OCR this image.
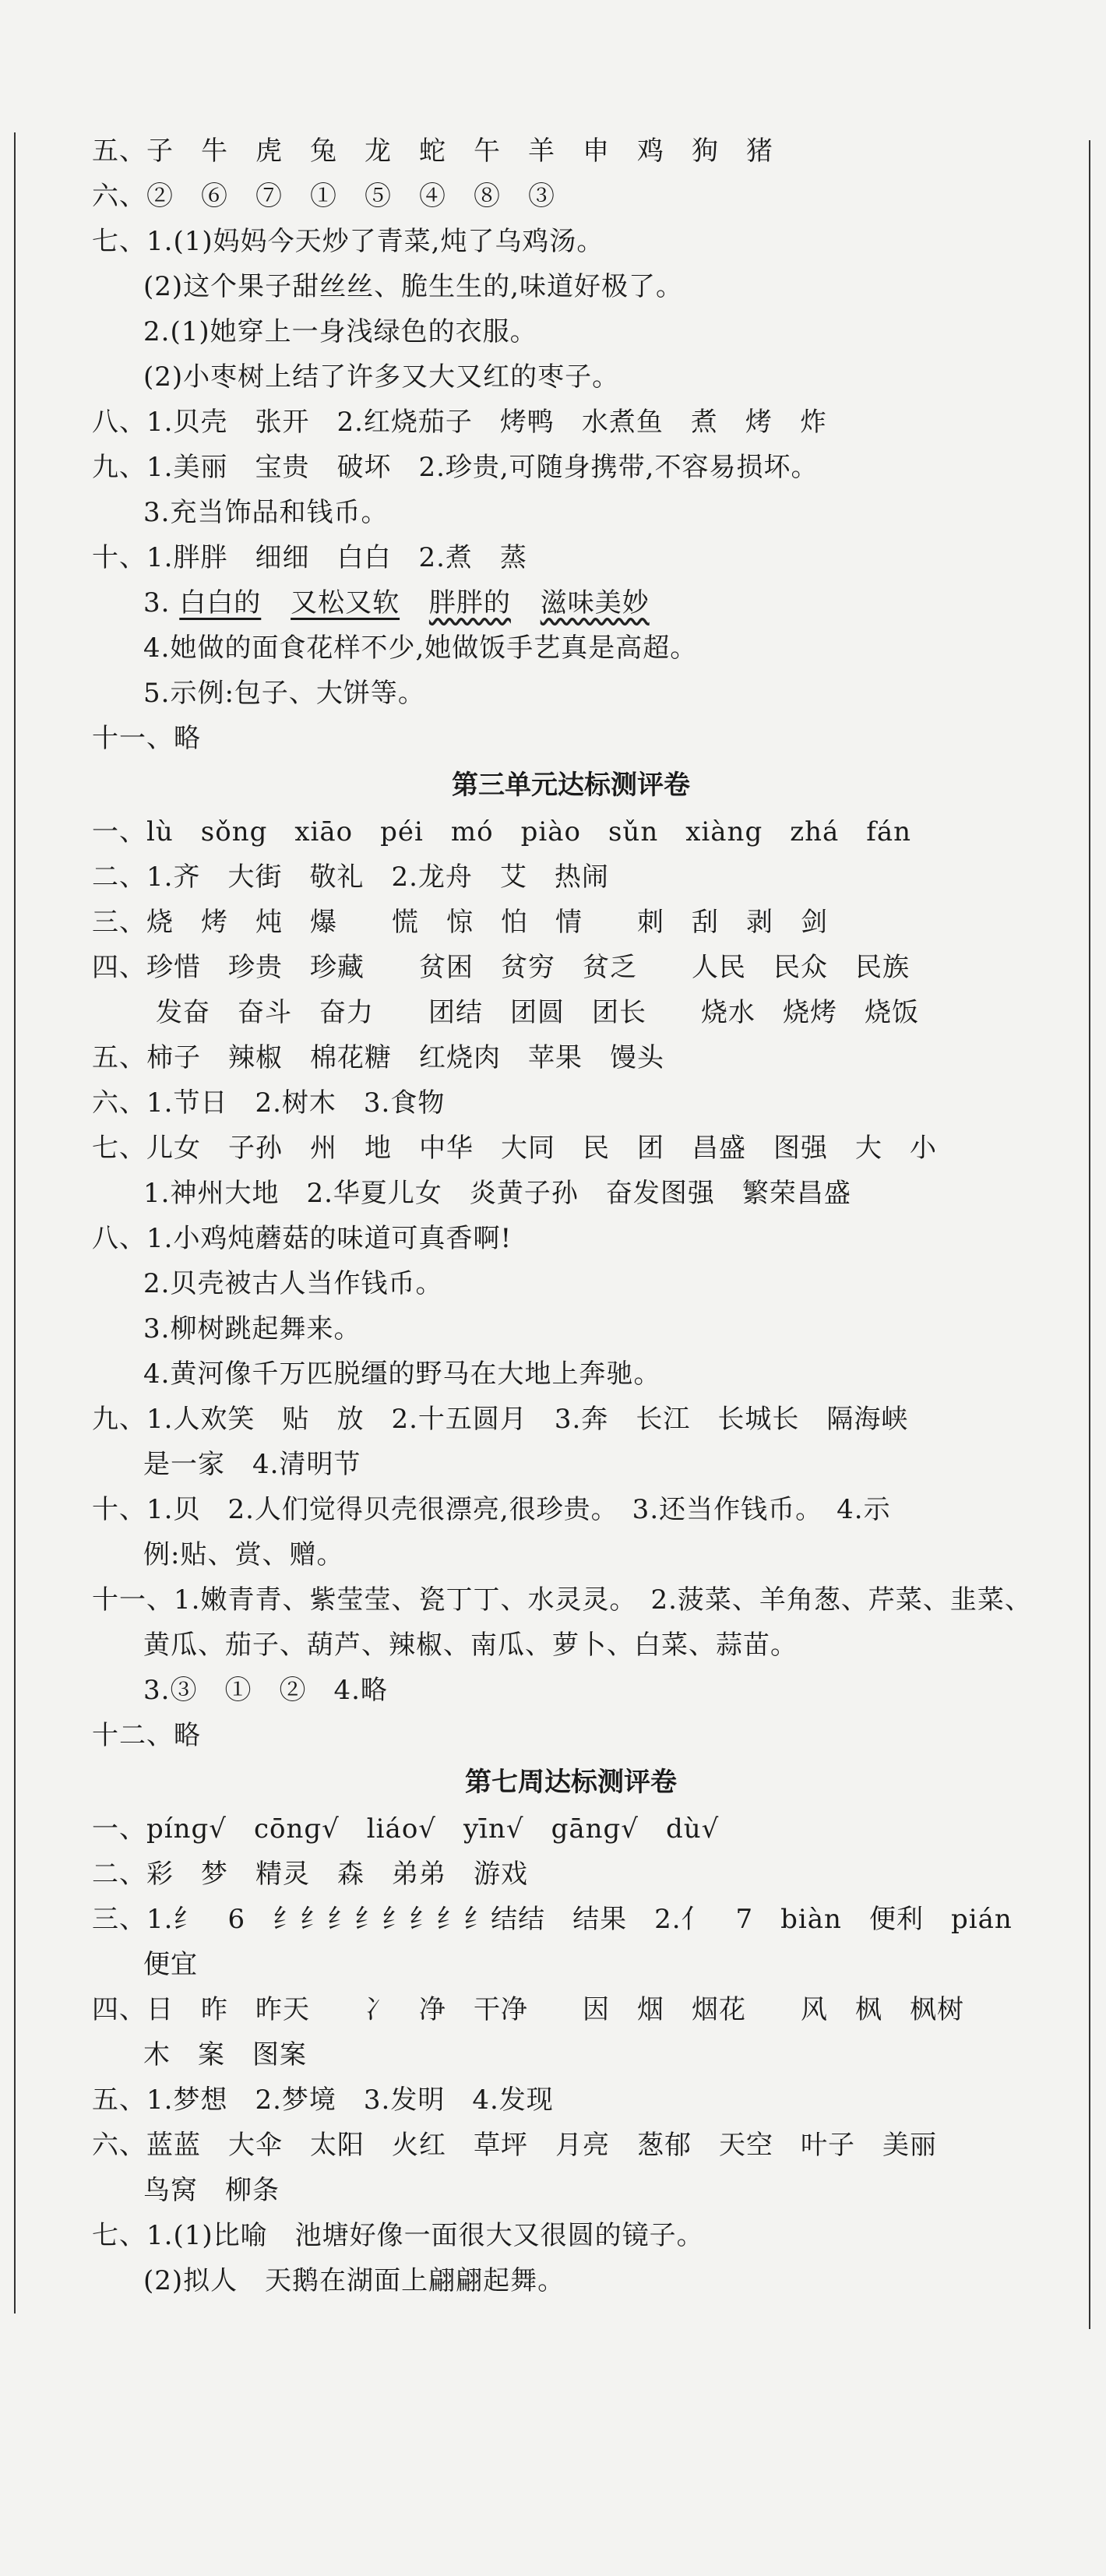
五、子　牛　虎　兔　龙　蛇　午　羊　申　鸡　狗　猪
六、②　⑥　⑦　①　⑤　④　⑧　③
七、1.(1)妈妈今天炒了青菜,炖了乌鸡汤。
(2)这个果子甜丝丝、脆生生的,味道好极了。
2.(1)她穿上一身浅绿色的衣服。
(2)小枣树上结了许多又大又红的枣子。
八、1.贝壳　张开　2.红烧茄子　烤鸭　水煮鱼　煮　烤　炸
九、1.美丽　宝贵　破坏　2.珍贵,可随身携带,不容易损坏。
3.充当饰品和钱币。
十、1.胖胖　细细　白白　2.煮　蒸
3. 白白的 又松又软 胖胖的 滋味美妙
4.她做的面食花样不少,她做饭手艺真是高超。
5.示例:包子、大饼等。
十一、略
第三单元达标测评卷
一、lù　sǒng　xiāo　péi　mó　piào　sǔn　xiàng　zhá　fán
二、1.齐　大街　敬礼　2.龙舟　艾　热闹
三、烧　烤　炖　爆　　慌　惊　怕　情　　刺　刮　剥　剑
四、珍惜　珍贵　珍藏　　贫困　贫穷　贫乏　　人民　民众　民族
发奋　奋斗　奋力　　团结　团圆　团长　　烧水　烧烤　烧饭
五、柿子　辣椒　棉花糖　红烧肉　苹果　馒头
六、1.节日　2.树木　3.食物
七、儿女　子孙　州　地　中华　大同　民　团　昌盛　图强　大　小
1.神州大地　2.华夏儿女　炎黄子孙　奋发图强　繁荣昌盛
八、1.小鸡炖蘑菇的味道可真香啊!
2.贝壳被古人当作钱币。
3.柳树跳起舞来。
4.黄河像千万匹脱缰的野马在大地上奔驰。
九、1.人欢笑　贴　放　2.十五圆月　3.奔　长江　长城长　隔海峡
是一家　4.清明节
十、1.贝　2.人们觉得贝壳很漂亮,很珍贵。　3.还当作钱币。　4.示
例:贴、赏、赠。
十一、1.嫩青青、紫莹莹、瓷丁丁、水灵灵。　2.菠菜、羊角葱、芹菜、韭菜、
黄瓜、茄子、葫芦、辣椒、南瓜、萝卜、白菜、蒜苗。
3.③　①　②　4.略
十二、略
第七周达标测评卷
一、pínɡ√　cōnɡ√　liáo√　yīn√　gānɡ√　dù√
二、彩　梦　精灵　森　弟弟　游戏
三、1.纟　6　纟纟纟纟纟纟纟纟结结　结果　2.亻　7　biàn　便利　pián
便宜
四、日　昨　昨天　　冫　净　干净　　因　烟　烟花　　风　枫　枫树
木　案　图案
五、1.梦想　2.梦境　3.发明　4.发现
六、蓝蓝　大伞　太阳　火红　草坪　月亮　葱郁　天空　叶子　美丽
鸟窝　柳条
七、1.(1)比喻　池塘好像一面很大又很圆的镜子。
(2)拟人　天鹅在湖面上翩翩起舞。
